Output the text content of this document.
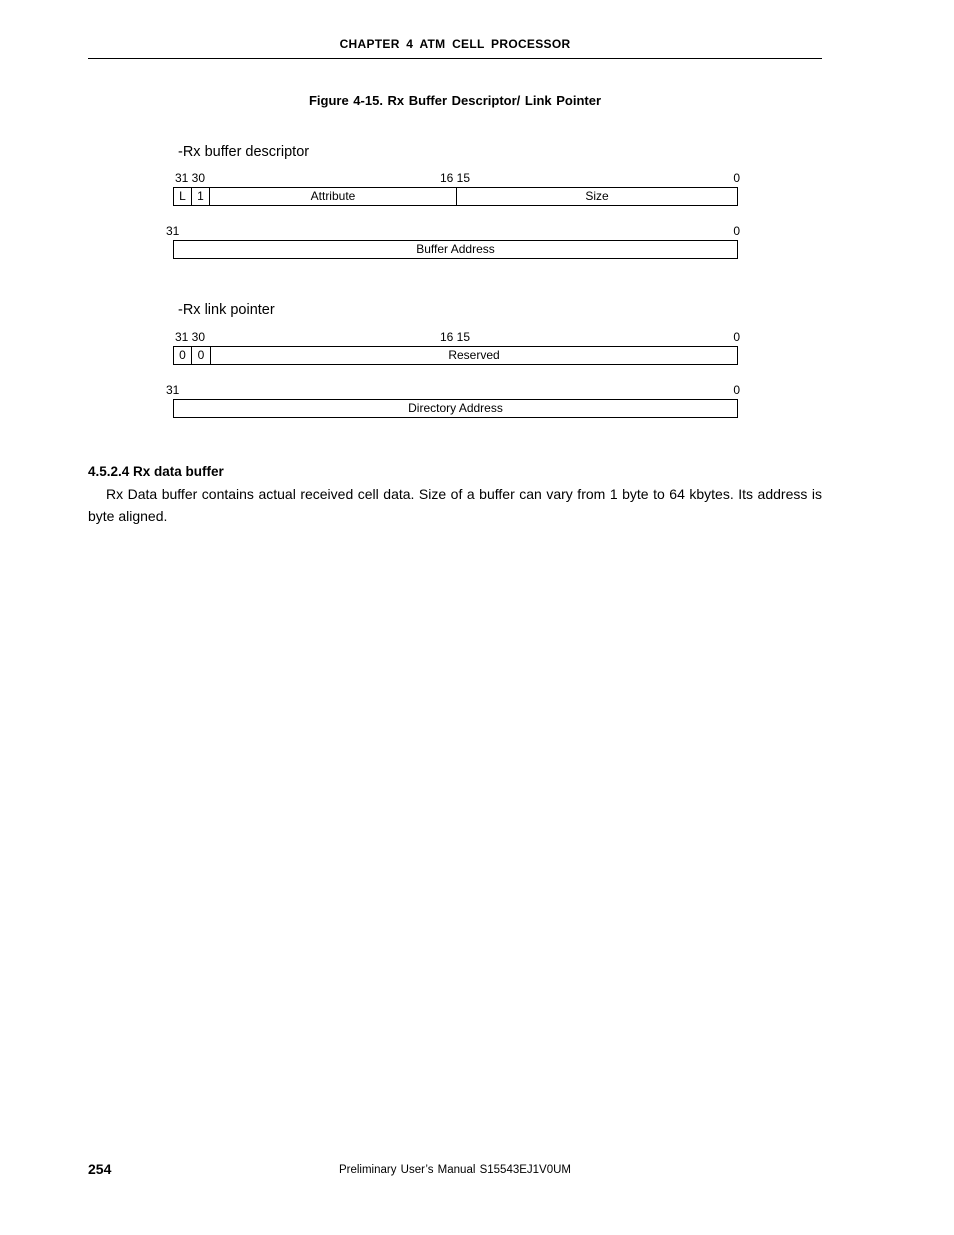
CHAPTER 4 ATM CELL PROCESSOR
Figure 4-15. Rx Buffer Descriptor/ Link Pointer
-Rx buffer descriptor
31 30	16 15	0
L 1	Attribute	Size
31	0
Buffer Address
-Rx link pointer
31 30	16 15	0
0 0	Reserved
31	0
Directory Address
4.5.2.4 Rx data buffer
Rx Data buffer contains actual received cell data. Size of a buffer can vary from 1 byte to 64 kbytes. Its address is byte aligned.
254	Preliminary User’s Manual S15543EJ1V0UM
